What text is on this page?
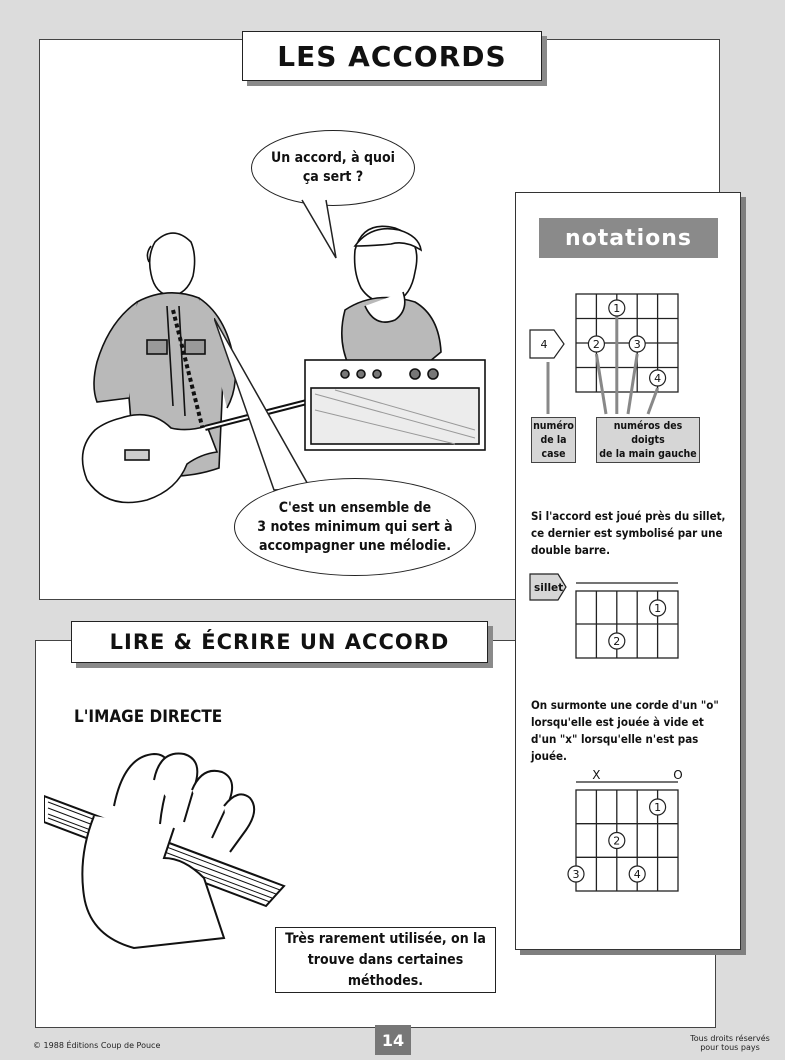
LES ACCORDS
Un accord, à quoi
ça sert ?
C'est un ensemble de
3 notes minimum qui sert à
accompagner une mélodie.
LIRE & ÉCRIRE UN ACCORD
L'IMAGE DIRECTE
Très rarement utilisée, on la
trouve dans certaines méthodes.
notations
4
1
2	3
4
numéro
de la
case
numéros des doigts
de la main gauche
Si l'accord est joué près du sillet,
ce dernier est symbolisé par une
double barre.
sillet
1
2
On surmonte une corde d'un "o"
lorsqu'elle est jouée à vide et
d'un "x" lorsqu'elle n'est pas jouée.
X	O
1
2
3	4
© 1988 Éditions Coup de Pouce	14	Tous droits réservés
pour tous pays
